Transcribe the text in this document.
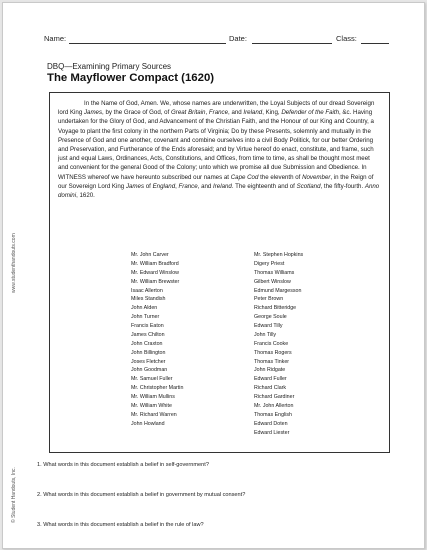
Name:	Date:	Class:
DBQ—Examining Primary Sources
The Mayflower Compact (1620)
www.studenthandouts.com
© Student Handouts, Inc.
In the Name of God, Amen. We, whose names are underwritten, the Loyal Subjects of our dread Sovereign lord King James, by the Grace of God, of Great Britain, France, and Ireland, King, Defender of the Faith, &c. Having undertaken for the Glory of God, and Advancement of the Christian Faith, and the Honour of our King and Country, a Voyage to plant the first colony in the northern Parts of Virginia; Do by these Presents, solemnly and mutually in the Presence of God and one another, covenant and combine ourselves into a civil Body Politick, for our better Ordering and Preservation, and Furtherance of the Ends aforesaid; and by Virtue hereof do enact, constitute, and frame, such just and equal Laws, Ordinances, Acts, Constitutions, and Offices, from time to time, as shall be thought most meet and convenient for the general Good of the Colony; unto which we promise all due Submission and Obedience. In WITNESS whereof we have hereunto subscribed our names at Cape Cod the eleventh of November, in the Reign of our Sovereign Lord King James of England, France, and Ireland. The eighteenth and of Scotland, the fifty-fourth. Anno domini, 1620.
Mr. John Carver
Mr. William Bradford
Mr. Edward Winslow
Mr. William Brewster
Isaac Allerton
Miles Standish
John Alden
John Turner
Francis Eaton
James Chilton
John Craxton
John Billington
Joses Fletcher
John Goodman
Mr. Samuel Fuller
Mr. Christopher Martin
Mr. William Mullins
Mr. William White
Mr. Richard Warren
John Howland
Mr. Stephen Hopkins
Digery Priest
Thomas Williams
Gilbert Winslow
Edmund Margesson
Peter Brown
Richard Bitteridge
George Soule
Edward Tilly
John Tilly
Francis Cooke
Thomas Rogers
Thomas Tinker
John Ridgate
Edward Fuller
Richard Clark
Richard Gardiner
Mr. John Allerton
Thomas English
Edward Doten
Edward Liester
1. What words in this document establish a belief in self-government?
2. What words in this document establish a belief in government by mutual consent?
3. What words in this document establish a belief in the rule of law?
